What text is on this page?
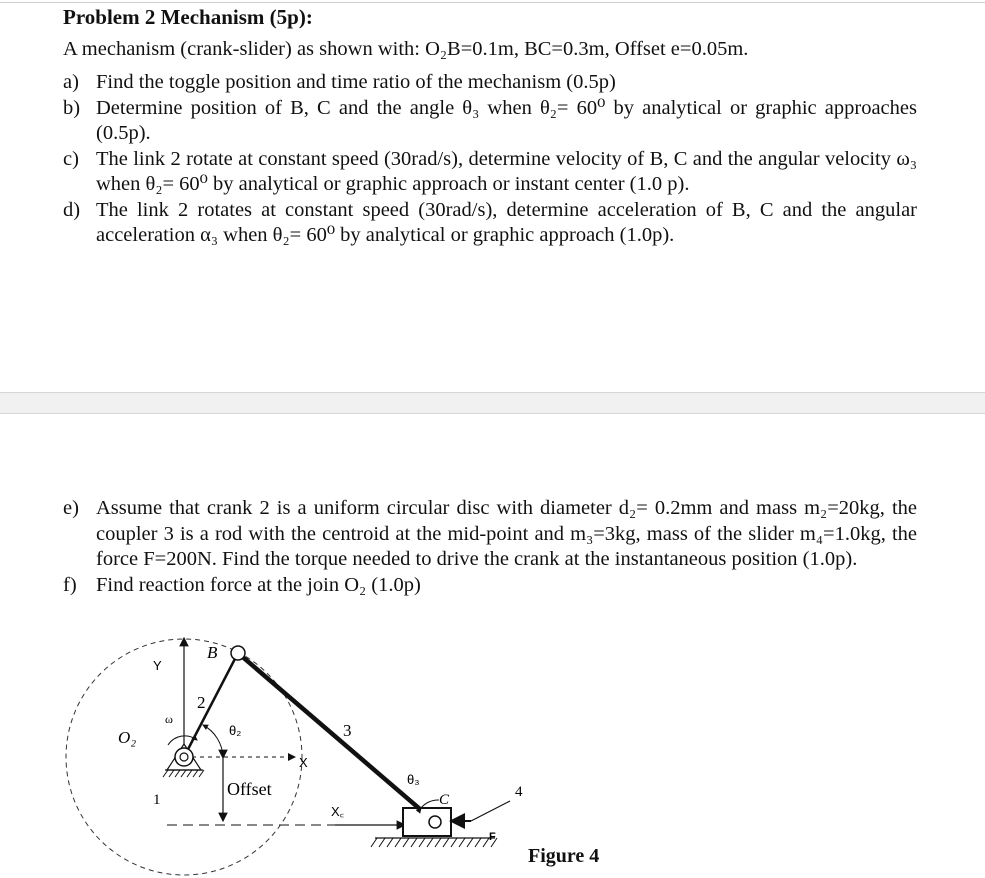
Problem 2 Mechanism (5p):
A mechanism (crank-slider) as shown with: O₂B=0.1m, BC=0.3m, Offset e=0.05m.
a) Find the toggle position and time ratio of the mechanism (0.5p)
b) Determine position of B, C and the angle θ₃ when θ₂= 60⁰ by analytical or graphic approaches (0.5p).
c) The link 2 rotate at constant speed (30rad/s), determine velocity of B, C and the angular velocity ω₃ when θ₂= 60⁰ by analytical or graphic approach or instant center (1.0 p).
d) The link 2 rotates at constant speed (30rad/s), determine acceleration of B, C and the angular acceleration α₃ when θ₂= 60⁰ by analytical or graphic approach (1.0p).
e) Assume that crank 2 is a uniform circular disc with diameter d₂= 0.2mm and mass m₂=20kg, the coupler 3 is a rod with the centroid at the mid-point and m₃=3kg, mass of the slider m₄=1.0kg, the force F=200N. Find the torque needed to drive the crank at the instantaneous position (1.0p).
f) Find reaction force at the join O₂ (1.0p)
B
Y
ω
2
O₂	θ₂	3
X
θ₃
1
Offset
X꜀
C	4
F
Figure 4
